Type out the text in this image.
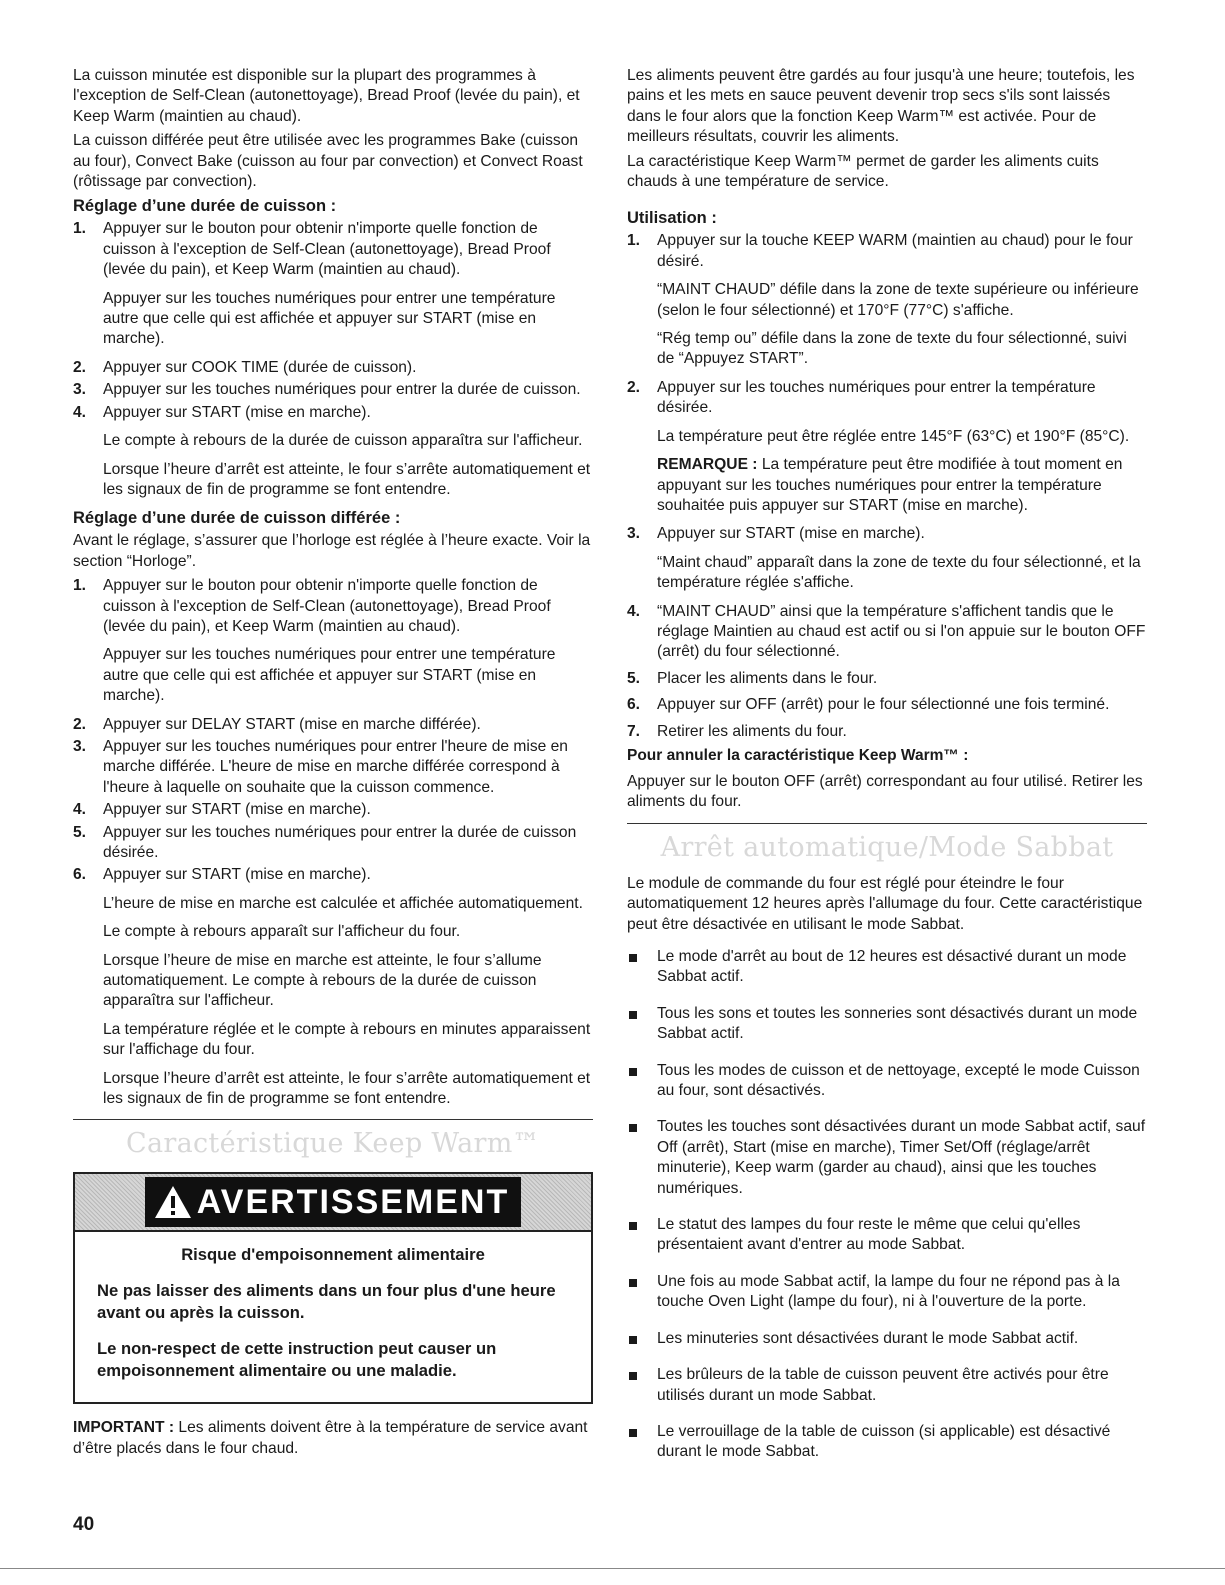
La cuisson minutée est disponible sur la plupart des programmes à l'exception de Self-Clean (autonettoyage), Bread Proof (levée du pain), et Keep Warm (maintien au chaud).

La cuisson différée peut être utilisée avec les programmes Bake (cuisson au four), Convect Bake (cuisson au four par convection) et Convect Roast (rôtissage par convection).

Réglage d’une durée de cuisson :
1.	Appuyer sur le bouton pour obtenir n'importe quelle fonction de cuisson à l'exception de Self-Clean (autonettoyage), Bread Proof (levée du pain), et Keep Warm (maintien au chaud).

Appuyer sur les touches numériques pour entrer une température autre que celle qui est affichée et appuyer sur START (mise en marche).

2.	Appuyer sur COOK TIME (durée de cuisson).
3.	Appuyer sur les touches numériques pour entrer la durée de cuisson.
4.	Appuyer sur START (mise en marche).

Le compte à rebours de la durée de cuisson apparaîtra sur l'afficheur.

Lorsque l’heure d’arrêt est atteinte, le four s’arrête automatiquement et les signaux de fin de programme se font entendre.

Réglage d’une durée de cuisson différée :

Avant le réglage, s’assurer que l’horloge est réglée à l’heure exacte. Voir la section “Horloge”.

1.	Appuyer sur le bouton pour obtenir n'importe quelle fonction de cuisson à l'exception de Self-Clean (autonettoyage), Bread Proof (levée du pain), et Keep Warm (maintien au chaud).

Appuyer sur les touches numériques pour entrer une température autre que celle qui est affichée et appuyer sur START (mise en marche).

2.	Appuyer sur DELAY START (mise en marche différée).
3.	Appuyer sur les touches numériques pour entrer l'heure de mise en marche différée. L'heure de mise en marche différée correspond à l'heure à laquelle on souhaite que la cuisson commence.
4.	Appuyer sur START (mise en marche).
5.	Appuyer sur les touches numériques pour entrer la durée de cuisson désirée.
6.	Appuyer sur START (mise en marche).

L’heure de mise en marche est calculée et affichée automatiquement.

Le compte à rebours apparaît sur l'afficheur du four.

Lorsque l’heure de mise en marche est atteinte, le four s’allume automatiquement. Le compte à rebours de la durée de cuisson apparaîtra sur l'afficheur.

La température réglée et le compte à rebours en minutes apparaissent sur l'affichage du four.

Lorsque l’heure d’arrêt est atteinte, le four s’arrête automatiquement et les signaux de fin de programme se font entendre.

Caractéristique Keep Warm™
AVERTISSEMENT

Risque d'empoisonnement alimentaire

Ne pas laisser des aliments dans un four plus d'une heure avant ou après la cuisson.

Le non-respect de cette instruction peut causer un empoisonnement alimentaire ou une maladie.

IMPORTANT : Les aliments doivent être à la température de service avant d’être placés dans le four chaud.

Les aliments peuvent être gardés au four jusqu'à une heure; toutefois, les pains et les mets en sauce peuvent devenir trop secs s'ils sont laissés dans le four alors que la fonction Keep Warm™ est activée. Pour de meilleurs résultats, couvrir les aliments.

La caractéristique Keep Warm™ permet de garder les aliments cuits chauds à une température de service.

Utilisation :
1.	Appuyer sur la touche KEEP WARM (maintien au chaud) pour le four désiré.

“MAINT CHAUD” défile dans la zone de texte supérieure ou inférieure (selon le four sélectionné) et 170°F (77°C) s'affiche.

“Rég temp ou” défile dans la zone de texte du four sélectionné, suivi de “Appuyez START”.

2.	Appuyer sur les touches numériques pour entrer la température désirée.

La température peut être réglée entre 145°F (63°C) et 190°F (85°C).

REMARQUE : La température peut être modifiée à tout moment en appuyant sur les touches numériques pour entrer la température souhaitée puis appuyer sur START (mise en marche).

3.	Appuyer sur START (mise en marche).

“Maint chaud” apparaît dans la zone de texte du four sélectionné, et la température réglée s'affiche.

4.	“MAINT CHAUD” ainsi que la température s'affichent tandis que le réglage Maintien au chaud est actif ou si l'on appuie sur le bouton OFF (arrêt) du four sélectionné.
5.	Placer les aliments dans le four.
6.	Appuyer sur OFF (arrêt) pour le four sélectionné une fois terminé.
7.	Retirer les aliments du four.
Pour annuler la caractéristique Keep Warm™ :

Appuyer sur le bouton OFF (arrêt) correspondant au four utilisé. Retirer les aliments du four.

Arrêt automatique/Mode Sabbat

Le module de commande du four est réglé pour éteindre le four automatiquement 12 heures après l'allumage du four. Cette caractéristique peut être désactivée en utilisant le mode Sabbat.

Le mode d'arrêt au bout de 12 heures est désactivé durant un mode Sabbat actif.
Tous les sons et toutes les sonneries sont désactivés durant un mode Sabbat actif.
Tous les modes de cuisson et de nettoyage, excepté le mode Cuisson au four, sont désactivés.
Toutes les touches sont désactivées durant un mode Sabbat actif, sauf Off (arrêt), Start (mise en marche), Timer Set/Off (réglage/arrêt minuterie), Keep warm (garder au chaud), ainsi que les touches numériques.
Le statut des lampes du four reste le même que celui qu'elles présentaient avant d'entrer au mode Sabbat.
Une fois au mode Sabbat actif, la lampe du four ne répond pas à la touche Oven Light (lampe du four), ni à l'ouverture de la porte.
Les minuteries sont désactivées durant le mode Sabbat actif.
Les brûleurs de la table de cuisson peuvent être activés pour être utilisés durant un mode Sabbat.
Le verrouillage de la table de cuisson (si applicable) est désactivé durant le mode Sabbat.
40
